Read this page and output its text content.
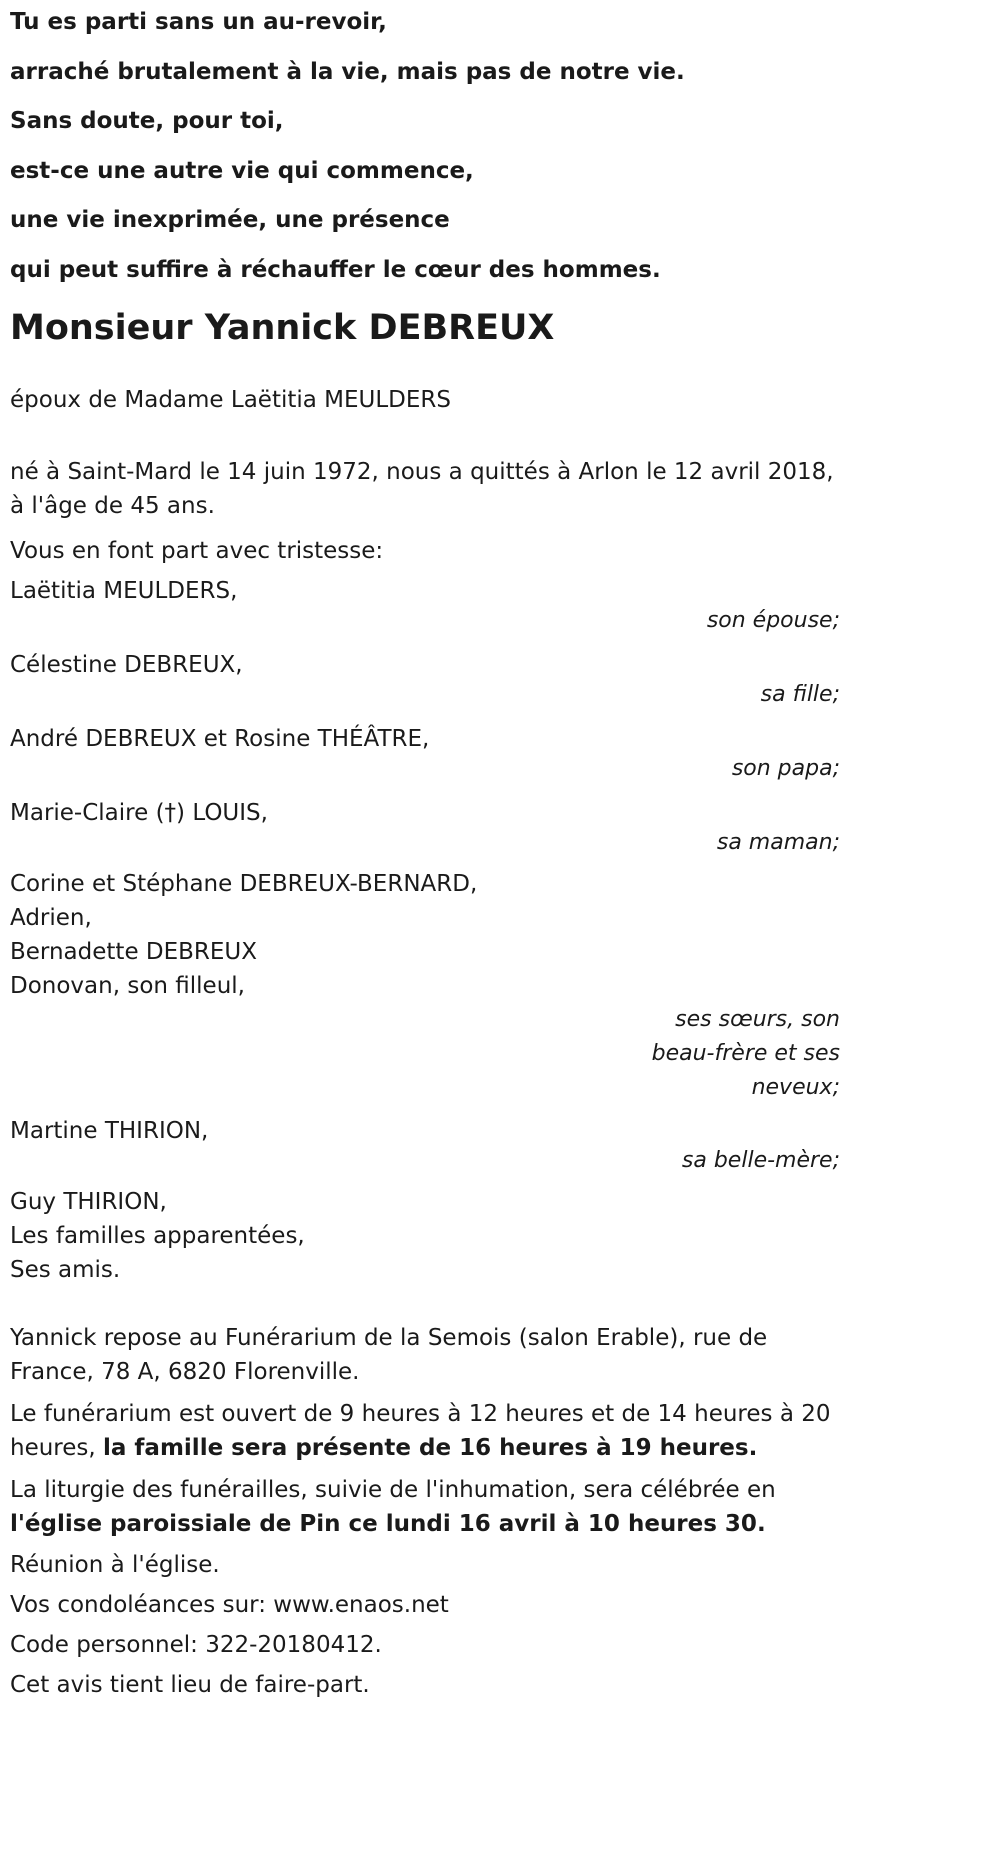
Tu es parti sans un au-revoir,
arraché brutalement à la vie, mais pas de notre vie.
Sans doute, pour toi,
est-ce une autre vie qui commence,
une vie inexprimée, une présence
qui peut suffire à réchauffer le cœur des hommes.
Monsieur Yannick DEBREUX
époux de Madame Laëtitia MEULDERS
né à Saint-Mard le 14 juin 1972, nous a quittés à Arlon le 12 avril 2018, à l'âge de 45 ans.
Vous en font part avec tristesse:
Laëtitia MEULDERS,
son épouse;
Célestine DEBREUX,
sa fille;
André DEBREUX et Rosine THÉÂTRE,
son papa;
Marie-Claire (†) LOUIS,
sa maman;
Corine et Stéphane DEBREUX-BERNARD,
Adrien,
Bernadette DEBREUX
Donovan, son filleul,
ses sœurs, son beau-frère et ses neveux;
Martine THIRION,
sa belle-mère;
Guy THIRION,
Les familles apparentées,
Ses amis.
Yannick repose au Funérarium de la Semois (salon Erable), rue de France, 78 A, 6820 Florenville.
Le funérarium est ouvert de 9 heures à 12 heures et de 14 heures à 20 heures, la famille sera présente de 16 heures à 19 heures.
La liturgie des funérailles, suivie de l'inhumation, sera célébrée en l'église paroissiale de Pin ce lundi 16 avril à 10 heures 30.
Réunion à l'église.
Vos condoléances sur: www.enaos.net
Code personnel: 322-20180412.
Cet avis tient lieu de faire-part.
